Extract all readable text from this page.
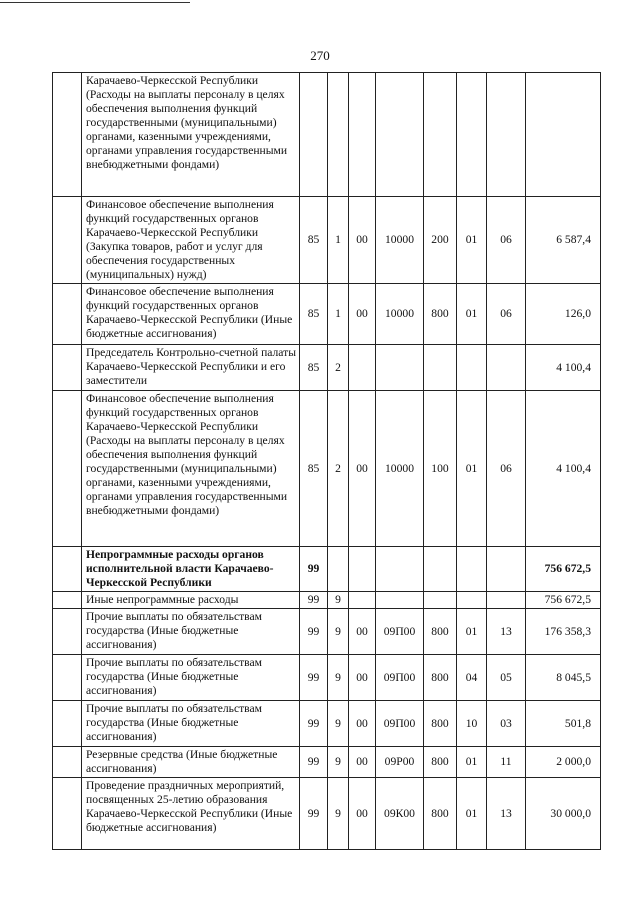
270
	Карачаево-Черкесской Республики (Расходы на выплаты персоналу в целях обеспечения выполнения функций государственными (муниципальными) органами, казенными учреждениями, органами управления государственными внебюджетными фондами)								
	Финансовое обеспечение выполнения функций государственных органов Карачаево-Черкесской Республики (Закупка товаров, работ и услуг для обеспечения государственных (муниципальных) нужд)	85	1	00	10000	200	01	06	6 587,4
	Финансовое обеспечение выполнения функций государственных органов Карачаево-Черкесской Республики (Иные бюджетные ассигнования)	85	1	00	10000	800	01	06	126,0
	Председатель Контрольно-счетной палаты Карачаево-Черкесской Республики и его заместители	85	2						4 100,4
	Финансовое обеспечение выполнения функций государственных органов Карачаево-Черкесской Республики (Расходы на выплаты персоналу в целях обеспечения выполнения функций государственными (муниципальными) органами, казенными учреждениями, органами управления государственными внебюджетными фондами)	85	2	00	10000	100	01	06	4 100,4
	Непрограммные расходы органов исполнительной власти Карачаево-Черкесской Республики	99							756 672,5
	Иные непрограммные расходы	99	9						756 672,5
	Прочие выплаты по обязательствам государства (Иные бюджетные ассигнования)	99	9	00	09П00	800	01	13	176 358,3
	Прочие выплаты по обязательствам государства (Иные бюджетные ассигнования)	99	9	00	09П00	800	04	05	8 045,5
	Прочие выплаты по обязательствам государства (Иные бюджетные ассигнования)	99	9	00	09П00	800	10	03	501,8
	Резервные средства (Иные бюджетные ассигнования)	99	9	00	09Р00	800	01	11	2 000,0
	Проведение праздничных мероприятий, посвященных 25-летию образования Карачаево-Черкесской Республики (Иные бюджетные ассигнования)	99	9	00	09К00	800	01	13	30 000,0
